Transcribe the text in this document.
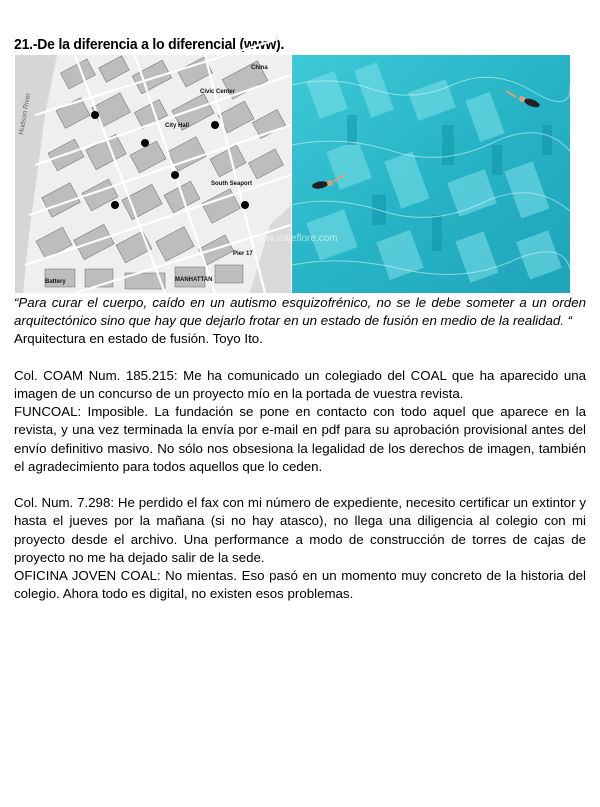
21.-De la diferencia a lo diferencial (www).
Civic Center
City Hall
China
South Seaport
Battery	MANHATTAN
Pier 17
Hudson River
www.viajeflore.com

“Para curar el cuerpo, caído en un autismo esquizofrénico, no se le debe someter a un orden arquitectónico sino que hay que dejarlo frotar en un estado de fusión en medio de la realidad. “

Arquitectura en estado de fusión. Toyo Ito.

Col. COAM Num. 185.215: Me ha comunicado un colegiado del COAL que ha aparecido una imagen de un concurso de un proyecto mío en la portada de vuestra revista.

FUNCOAL: Imposible. La fundación se pone en contacto con todo aquel que aparece en la revista, y una vez terminada la envía por e-mail en pdf para su aprobación provisional antes del envío definitivo masivo. No sólo nos obsesiona la legalidad de los derechos de imagen, también el agradecimiento para todos aquellos que lo ceden.

Col. Num. 7.298: He perdido el fax con mi número de expediente, necesito certificar un extintor y hasta el jueves por la mañana (si no hay atasco), no llega una diligencia al colegio con mi proyecto desde el archivo. Una performance a modo de construcción de torres de cajas de proyecto no me ha dejado salir de la sede.

OFICINA JOVEN COAL: No mientas. Eso pasó en un momento muy concreto de la historia del colegio. Ahora todo es digital, no existen esos problemas.
